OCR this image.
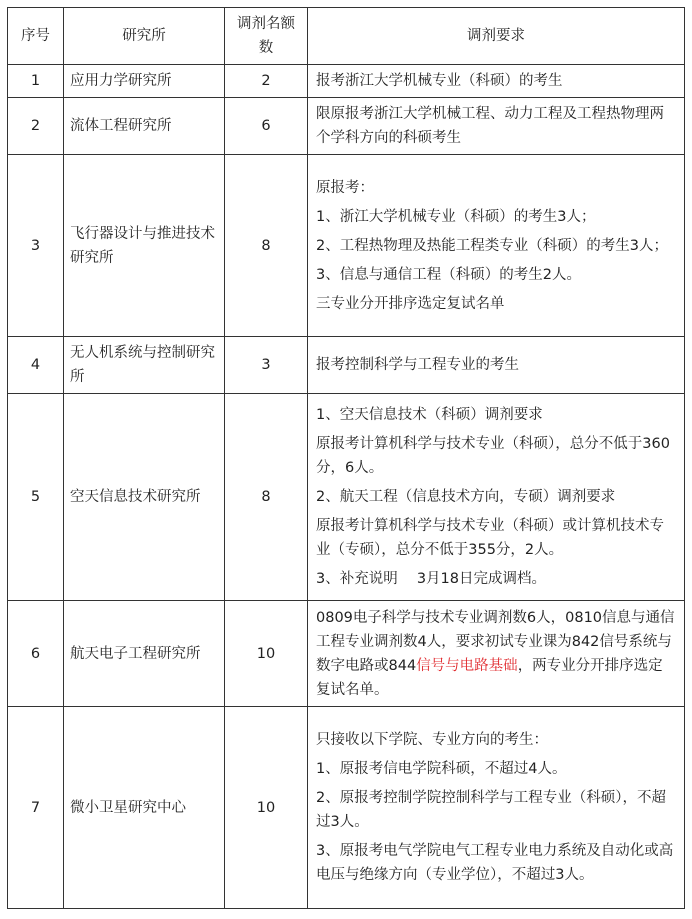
序号	研究所	调剂名额数	调剂要求
1	应用力学研究所	2	报考浙江大学机械专业（科硕）的考生

2	流体工程研究所	6	限原报考浙江大学机械工程、动力工程及工程热物理两个学科方向的科硕考生

3	飞行器设计与推进技术研究所	8	原报考：

1、浙江大学机械专业（科硕）的考生3人；

2、工程热物理及热能工程类专业（科硕）的考生3人；

3、信息与通信工程（科硕）的考生2人。

三专业分开排序选定复试名单

4	无人机系统与控制研究所	3	报考控制科学与工程专业的考生

5	空天信息技术研究所	8	1、空天信息技术（科硕）调剂要求

原报考计算机科学与技术专业（科硕），总分不低于360分，6人。

2、航天工程（信息技术方向，专硕）调剂要求

原报考计算机科学与技术专业（科硕）或计算机技术专业（专硕），总分不低于355分，2人。

3、补充说明　 3月18日完成调档。

6	航天电子工程研究所	10	0809电子科学与技术专业调剂数6人，0810信息与通信工程专业调剂数4人，要求初试专业课为842信号系统与数字电路或844信号与电路基础，两专业分开排序选定复试名单。

7	微小卫星研究中心	10	只接收以下学院、专业方向的考生：

1、原报考信电学院科硕，不超过4人。

2、原报考控制学院控制科学与工程专业（科硕），不超过3人。

3、原报考电气学院电气工程专业电力系统及自动化或高电压与绝缘方向（专业学位），不超过3人。
